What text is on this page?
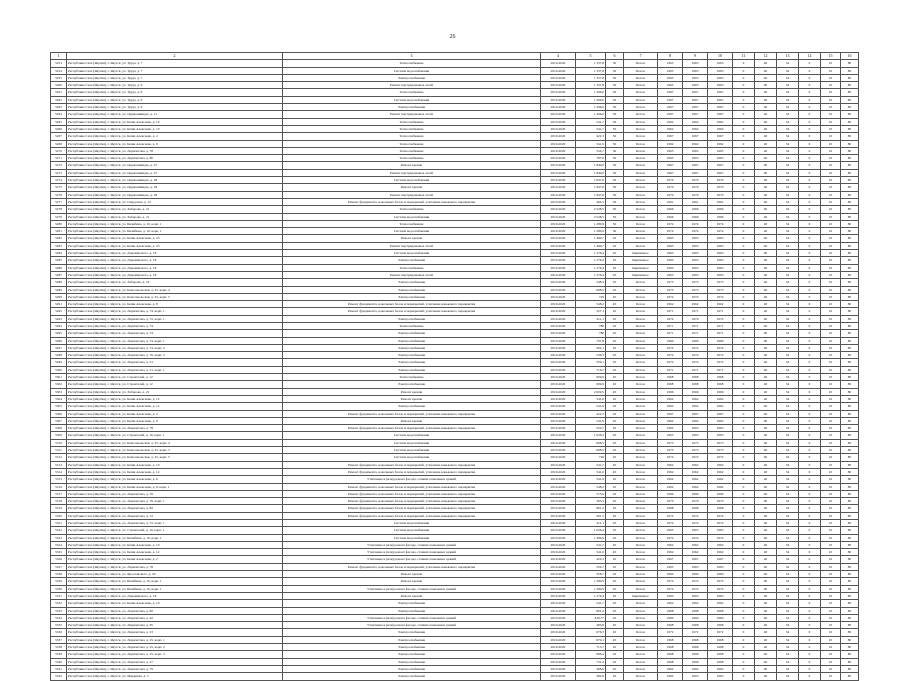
26
1	2	3	4	5	6	7	8	9	10	11	12	13	14	15	16
5253	Республика Саха (Якутия), г. Якутск, ул. Труда, д. 7	Теплоснабжение	2019-2020	1 357,8	50	Бетон	1965	1965	1965	0	40	34	0	10	80
5254	Республика Саха (Якутия), г. Якутск, ул. Труда, д. 7	Система водоснабжения	2019-2020	1 357,8	50	Бетон	1965	1965	1965	0	40	34	0	10	80
5255	Республика Саха (Якутия), г. Якутск, ул. Труда, д. 7	Электроснабжение	2019-2020	1 357,8	50	Бетон	1965	1965	1965	0	40	34	0	10	80
5260	Республика Саха (Якутия), г. Якутск, ул. Труда, д. 9	Ремонт внутридомовых сетей	2019-2020	1 357,8	50	Бетон	1965	1965	1965	0	40	34	0	10	80
5261	Республика Саха (Якутия), г. Якутск, ул. Труда, д. 9	Теплоснабжение	2019-2020	1 296,0	50	Бетон	1967	1967	1967	0	40	34	0	10	80
5262	Республика Саха (Якутия), г. Якутск, ул. Труда, д. 9	Система водоснабжения	2019-2020	1 296,0	50	Бетон	1967	1967	1967	0	40	34	0	10	80
5263	Республика Саха (Якутия), г. Якутск, ул. Труда, д. 9	Электроснабжение	2019-2020	1 296,0	50	Бетон	1967	1967	1967	0	40	34	0	10	80
5264	Республика Саха (Якутия), г. Якутск, ул. Орджоникидзе, д. 11	Ремонт внутридомовых сетей	2019-2020	1 296,0	50	Бетон	1967	1967	1967	0	40	34	0	10	80
5265	Республика Саха (Якутия), г. Якутск, ул. Кеши Алексеева, д. 10	Теплоснабжение	2019-2020	541,7	50	Бетон	1962	1962	1962	0	40	34	0	10	80
5266	Республика Саха (Якутия), г. Якутск, ул. Кеши Алексеева, д. 10	Теплоснабжение	2019-2020	541,7	50	Бетон	1962	1962	1962	0	40	34	0	10	80
5267	Республика Саха (Якутия), г. Якутск, ул. Кеши Алексеева, д. 2	Теплоснабжение	2019-2020	422,3	50	Бетон	1967	1967	1967	0	40	34	0	10	80
5268	Республика Саха (Якутия), г. Якутск, ул. Кеши Алексеева, д. 6	Теплоснабжение	2019-2020	541,9	50	Бетон	1962	1962	1962	0	40	34	0	10	80
5270	Республика Саха (Якутия), г. Якутск, ул. Лермонтова, д. 78	Теплоснабжение	2019-2020	554,7	50	Бетон	1965	1965	1965	0	40	34	0	10	80
5271	Республика Саха (Якутия), г. Якутск, ул. Лермонтова, д. 80	Теплоснабжение	2019-2020	787,6	50	Бетон	1965	1965	1965	0	40	34	0	10	80
5272	Республика Саха (Якутия), г. Якутск, ул. Орджоникидзе, д. 27	Ремонт кровли	2019-2020	1 840,0	50	Бетон	1967	1967	1967	0	40	34	0	10	80
5273	Республика Саха (Якутия), г. Якутск, ул. Орджоникидзе, д. 27	Ремонт внутридомовых сетей	2019-2020	1 840,0	50	Бетон	1967	1967	1967	0	40	34	0	10	80
5274	Республика Саха (Якутия), г. Якутск, ул. Орджоникидзе, д. 28	Система водоснабжения	2019-2020	1 847,6	50	Бетон	1970	1970	1970	0	40	34	0	10	80
5275	Республика Саха (Якутия), г. Якутск, ул. Орджоникидзе, д. 29	Ремонт кровли	2019-2020	1 847,6	50	Бетон	1970	1970	1970	0	40	34	0	10	80
5276	Республика Саха (Якутия), г. Якутск, ул. Орджоникидзе, д. 29	Ремонт внутридомовых сетей	2019-2020	1 847,6	50	Бетон	1970	1970	1970	0	40	34	0	10	80
5277	Республика Саха (Якутия), г. Якутск, ул. Свердлова, д. 12	Ремонт фундамента, цокольных балок и перекрытий, утепление конькового перекрытия	2019-2020	464,3	50	Бетон	1961	1961	1961	0	40	34	0	10	80
5278	Республика Саха (Якутия), г. Якутск, ул. Хабарова, д. 21	Теплоснабжение	2019-2020	2 528,5	50	Бетон	1966	1966	1966	0	40	34	0	10	80
5279	Республика Саха (Якутия), г. Якутск, ул. Хабарова, д. 21	Система водоснабжения	2019-2020	2 528,5	50	Бетон	1966	1966	1966	0	40	34	0	10	80
5280	Республика Саха (Якутия), г. Якутск, ул. Билибина, д. 10, корп. 1	Теплоснабжение	2019-2020	1 280,9	50	Бетон	1974	1974	1974	0	40	34	0	10	80
5281	Республика Саха (Якутия), г. Якутск, ул. Билибина, д. 10, корп. 1	Система водоснабжения	2019-2020	1 280,9	50	Бетон	1974	1974	1974	0	40	34	0	10	80
5282	Республика Саха (Якутия), г. Якутск, ул. Кеши Алексеева, д. 23	Ремонт кровли	2019-2020	1 469,7	45	Бетон	1963	1963	1963	0	40	34	0	10	80
5283	Республика Саха (Якутия), г. Якутск, ул. Кеши Алексеева, д. 23	Ремонт внутридомовых сетей	2019-2020	1 469,7	45	Бетон	1963	1963	1963	0	40	34	0	10	80
5284	Республика Саха (Якутия), г. Якутск, ул. Дзержинского, д. 18	Система водоснабжения	2019-2020	1 276,4	45	Кирпичное	1963	1963	1963	0	40	34	0	10	80
5285	Республика Саха (Якутия), г. Якутск, ул. Дзержинского, д. 18	Электроснабжение	2019-2020	1 276,4	45	Кирпичное	1963	1963	1963	0	40	34	0	10	80
5286	Республика Саха (Якутия), г. Якутск, ул. Дзержинского, д. 18	Теплоснабжение	2019-2020	1 276,4	45	Кирпичное	1963	1963	1963	0	40	34	0	10	80
5287	Республика Саха (Якутия), г. Якутск, ул. Дзержинского, д. 18	Ремонт внутридомовых сетей	2019-2020	1 276,4	45	Кирпичное	1963	1963	1963	0	40	34	0	10	80
5288	Республика Саха (Якутия), г. Якутск, ул. Хабарова, д. 19	Электроснабжение	2019-2020	548,3	45	Бетон	1973	1973	1973	0	40	34	0	10	80
5289	Республика Саха (Якутия), г. Якутск, ул. Комсомольская, д. 25, корп. 4	Электроснабжение	2019-2020	698,5	45	Бетон	1973	1973	1973	0	40	34	0	10	80
5290	Республика Саха (Якутия), г. Якутск, ул. Комсомольская, д. 25, корп. 5	Электроснабжение	2019-2020	729	45	Бетон	1974	1974	1974	0	40	34	0	10	80
5291	Республика Саха (Якутия), г. Якутск, ул. Кеши Алексеева, д. 8	Ремонт фундамента, цокольных балок и перекрытий, утепление конькового перекрытия	2019-2020	548,2	45	Бетон	1962	1962	1962	0	40	34	0	10	80
5292	Республика Саха (Якутия), г. Якутск, ул. Лермонтова, д. 74, корп. 1	Ремонт фундамента, цокольных балок и перекрытий, утепление конькового перекрытия	2019-2020	527,1	45	Бетон	1971	1971	1971	0	40	34	0	10	80
5293	Республика Саха (Якутия), г. Якутск, ул. Лермонтова, д. 72, корп. 1	Электроснабжение	2019-2020	411,1	45	Бетон	1974	1974	1974	0	40	34	0	10	80
5294	Республика Саха (Якутия), г. Якутск, ул. Лермонтова, д. 74	Теплоснабжение	2019-2020	780	45	Бетон	1971	1971	1971	0	40	34	0	10	80
5295	Республика Саха (Якутия), г. Якутск, ул. Лермонтова, д. 74	Электроснабжение	2019-2020	780	45	Бетон	1971	1971	1971	0	40	34	0	10	80
5296	Республика Саха (Якутия), г. Якутск, ул. Лермонтова, д. 74, корп. 1	Электроснабжение	2019-2020	797,8	45	Бетон	1969	1969	1969	0	40	34	0	10	80
5297	Республика Саха (Якутия), г. Якутск, ул. Лермонтова, д. 74, корп. 2	Электроснабжение	2019-2020	502,1	45	Бетон	1974	1974	1974	0	40	34	0	10	80
5298	Республика Саха (Якутия), г. Якутск, ул. Лермонтова, д. 76, корп. 2	Электроснабжение	2019-2020	539,3	45	Бетон	1974	1974	1974	0	40	34	0	10	80
5299	Республика Саха (Якутия), г. Якутск, ул. Лермонтова, д. 31	Электроснабжение	2019-2020	559,1	45	Бетон	1974	1974	1974	0	40	34	0	10	80
5300	Республика Саха (Якутия), г. Якутск, ул. Лермонтова, д. 31, корп. 1	Электроснабжение	2019-2020	716,7	45	Бетон	1971	1971	1971	0	40	34	0	10	80
5301	Республика Саха (Якутия), г. Якутск, ул. Строителей, д. 12	Теплоснабжение	2019-2020	609,9	45	Бетон	1968	1968	1968	0	40	34	0	10	80
5302	Республика Саха (Якутия), г. Якутск, ул. Строителей, д. 12	Электроснабжение	2019-2020	609,9	45	Бетон	1968	1968	1968	0	40	34	0	10	80
5303	Республика Саха (Якутия), г. Якутск, ул. Хабарова, д. 21	Ремонт кровли	2019-2020	2 629,5	45	Бетон	1966	1966	1966	0	40	34	0	10	80
5304	Республика Саха (Якутия), г. Якутск, ул. Кеши Алексеева, д. 12	Ремонт кровли	2019-2020	541,6	45	Бетон	1962	1962	1962	0	40	34	0	10	80
5305	Республика Саха (Якутия), г. Якутск, ул. Кеши Алексеева, д. 12	Электроснабжение	2019-2020	541,6	45	Бетон	1962	1962	1962	0	40	34	0	10	80
5306	Республика Саха (Якутия), г. Якутск, ул. Кеши Алексеева, д. 2	Ремонт фундамента, цокольных балок и перекрытий, утепление конькового перекрытия	2019-2020	422,3	45	Бетон	1967	1967	1967	0	40	34	0	10	80
5307	Республика Саха (Якутия), г. Якутск, ул. Кеши Алексеева, д. 6	Ремонт кровли	2019-2020	541,9	45	Бетон	1962	1962	1962	0	40	34	0	10	80
5308	Республика Саха (Якутия), г. Якутск, ул. Лермонтова, д. 78	Ремонт фундамента, цокольных балок и перекрытий, утепление конькового перекрытия	2019-2020	554,7	45	Бетон	1965	1965	1965	0	40	34	0	10	80
5309	Республика Саха (Якутия), г. Якутск, ул. Строителей, д. 10, корп. 1	Система водоснабжения	2019-2020	1 026,4	45	Бетон	1965	1965	1965	0	40	34	0	10	80
5310	Республика Саха (Якутия), г. Якутск, ул. Комсомольская, д. 25, корп. 4	Система водоснабжения	2019-2020	698,5	45	Бетон	1973	1973	1973	0	40	34	0	10	80
5311	Республика Саха (Якутия), г. Якутск, ул. Комсомольская, д. 25, корп. 3	Система водоснабжения	2019-2020	698,5	45	Бетон	1973	1973	1973	0	40	34	0	10	80
5312	Республика Саха (Якутия), г. Якутск, ул. Комсомольская, д. 25, корп. 5	Система водоснабжения	2019-2020	729	45	Бетон	1974	1974	1974	0	40	34	0	10	80
5313	Республика Саха (Якутия), г. Якутск, ул. Кеши Алексеева, д. 10	Ремонт фундамента, цокольных балок и перекрытий, утепление конькового перекрытия	2019-2020	541,7	45	Бетон	1962	1962	1962	0	40	34	0	10	80
5314	Республика Саха (Якутия), г. Якутск, ул. Кеши Алексеева, д. 12	Ремонт фундамента, цокольных балок и перекрытий, утепление конькового перекрытия	2019-2020	541,6	45	Бетон	1962	1962	1962	0	40	34	0	10	80
5315	Республика Саха (Якутия), г. Якутск, ул. Кеши Алексеева, д. 6	Утепление и (или) ремонт фасада, ставнях панельных зданий	2019-2020	541,9	45	Бетон	1962	1962	1962	0	40	34	0	10	80
5316	Республика Саха (Якутия), г. Якутск, ул. Кеши Алексеева, д. 8, корп. 1	Ремонт фундамента, цокольных балок и перекрытий, утепление конькового перекрытия	2019-2020	548,2	45	Бетон	1962	1962	1962	0	40	34	0	10	80
5317	Республика Саха (Якутия), г. Якутск, ул. Лермонтова, д. 76	Ремонт фундамента, цокольных балок и перекрытий, утепление конькового перекрытия	2019-2020	573,6	45	Бетон	1969	1969	1969	0	40	34	0	10	80
5318	Республика Саха (Якутия), г. Якутск, ул. Лермонтова, д. 76, корп. 1	Ремонт фундамента, цокольных балок и перекрытий, утепление конькового перекрытия	2019-2020	563,3	45	Бетон	1970	1970	1970	0	40	34	0	10	80
5319	Республика Саха (Якутия), г. Якутск, ул. Лермонтова, д. 82	Ремонт фундамента, цокольных балок и перекрытий, утепление конькового перекрытия	2019-2020	801,2	45	Бетон	1968	1968	1968	0	40	34	0	10	80
5320	Республика Саха (Якутия), г. Якутск, ул. Лермонтова, д. 72	Ремонт фундамента, цокольных балок и перекрытий, утепление конькового перекрытия	2019-2020	561,5	45	Бетон	1974	1974	1974	0	40	34	0	10	80
5321	Республика Саха (Якутия), г. Якутск, ул. Лермонтова, д. 72, корп. 1	Система водоснабжения	2019-2020	411,1	45	Бетон	1974	1974	1974	0	40	34	0	10	80
5322	Республика Саха (Якутия), г. Якутск, ул. Строителей, д. 10, корп. 1	Система водоснабжения	2019-2020	1 026,4	45	Бетон	1965	1965	1965	0	40	34	0	10	80
5323	Республика Саха (Якутия), г. Якутск, ул. Билибина, д. 10, корп. 1	Система водоснабжения	2019-2020	1 280,9	45	Бетон	1974	1974	1974	0	40	34	0	10	80
5324	Республика Саха (Якутия), г. Якутск, ул. Кеши Алексеева, д. 10	Утепление и (или) ремонт фасада, ставнях панельных зданий	2019-2020	541,7	45	Бетон	1962	1962	1962	0	40	34	0	10	80
5325	Республика Саха (Якутия), г. Якутск, ул. Кеши Алексеева, д. 12	Утепление и (или) ремонт фасада, ставнях панельных зданий	2019-2020	541,6	45	Бетон	1962	1962	1962	0	40	34	0	10	80
5326	Республика Саха (Якутия), г. Якутск, ул. Кеши Алексеева, д. 2	Утепление и (или) ремонт фасада, ставнях панельных зданий	2019-2020	422,3	45	Бетон	1967	1967	1967	0	40	34	0	10	80
5327	Республика Саха (Якутия), г. Якутск, ул. Лермонтова, д. 78	Ремонт фундамента, цокольных балок и перекрытий, утепление конькового перекрытия	2019-2020	554,7	45	Бетон	1965	1965	1965	0	40	34	0	10	80
5328	Республика Саха (Якутия), г. Якутск, ул. Ярославского, д. 20	Ремонт кровли	2019-2020	358,7	45	Бетон	1960	1960	1960	0	40	34	0	10	80
5329	Республика Саха (Якутия), г. Якутск, ул. Билибина, д. 10, корп. 1	Ремонт кровли	2019-2020	1 280,9	45	Бетон	1974	1974	1974	0	40	34	0	10	80
5330	Республика Саха (Якутия), г. Якутск, ул. Билибина, д. 10, корп. 1	Утепление и (или) ремонт фасада, ставнях панельных зданий	2019-2020	1 280,9	45	Бетон	1974	1974	1974	0	40	34	0	10	80
5331	Республика Саха (Якутия), г. Якутск, ул. Дзержинского, д. 18	Ремонт кровли	2019-2020	1 276,4	45	Кирпичное	1963	1963	1963	0	40	34	0	10	80
5332	Республика Саха (Якутия), г. Якутск, ул. Кеши Алексеева, д. 10	Электроснабжение	2019-2020	541,7	45	Бетон	1962	1962	1962	0	40	34	0	10	80
5333	Республика Саха (Якутия), г. Якутск, ул. Лермонтова, д. 82	Электроснабжение	2019-2020	801,2	45	Бетон	1968	1968	1968	0	40	34	0	10	80
5334	Республика Саха (Якутия), г. Якутск, ул. Лермонтова, д. 42	Утепление и (или) ремонт фасада, ставнях панельных зданий	2019-2020	816,77	45	Бетон	1960	1960	1960	0	40	34	0	10	80
5335	Республика Саха (Якутия), г. Якутск, ул. Лермонтова, д. 65	Утепление и (или) ремонт фасада, ставнях панельных зданий	2019-2020	485,8	45	Бетон	1968	1968	1968	0	40	34	0	10	80
5336	Республика Саха (Якутия), г. Якутск, ул. Лермонтова, д. 23	Электроснабжение	2019-2020	676,3	45	Бетон	1972	1972	1972	0	40	34	0	10	80
5337	Республика Саха (Якутия), г. Якутск, ул. Лермонтова, д. 25, корп. 1	Электроснабжение	2019-2020	670,1	45	Бетон	1968	1968	1968	0	40	34	0	10	80
5338	Республика Саха (Якутия), г. Якутск, ул. Лермонтова, д. 25, корп. 2	Электроснабжение	2019-2020	713,7	45	Бетон	1968	1968	1968	0	40	34	0	10	80
5339	Республика Саха (Якутия), г. Якутск, ул. Лермонтова, д. 25, корп. 3	Электроснабжение	2019-2020	686,4	45	Бетон	1968	1968	1968	0	40	34	0	10	80
5340	Республика Саха (Якутия), г. Якутск, ул. Лермонтова, д. 27	Электроснабжение	2019-2020	731,4	45	Бетон	1968	1968	1968	0	40	34	0	10	80
5341	Республика Саха (Якутия), г. Якутск, ул. Лермонтова, д. 79	Электроснабжение	2019-2020	498,6	45	Бетон	1962	1962	1962	0	40	34	0	10	80
5342	Республика Саха (Якутия), г. Якутск, ул. Мирдиева, д. 5	Электроснабжение	2019-2020	582,6	45	Бетон	1965	1965	1965	0	40	34	0	10	80
